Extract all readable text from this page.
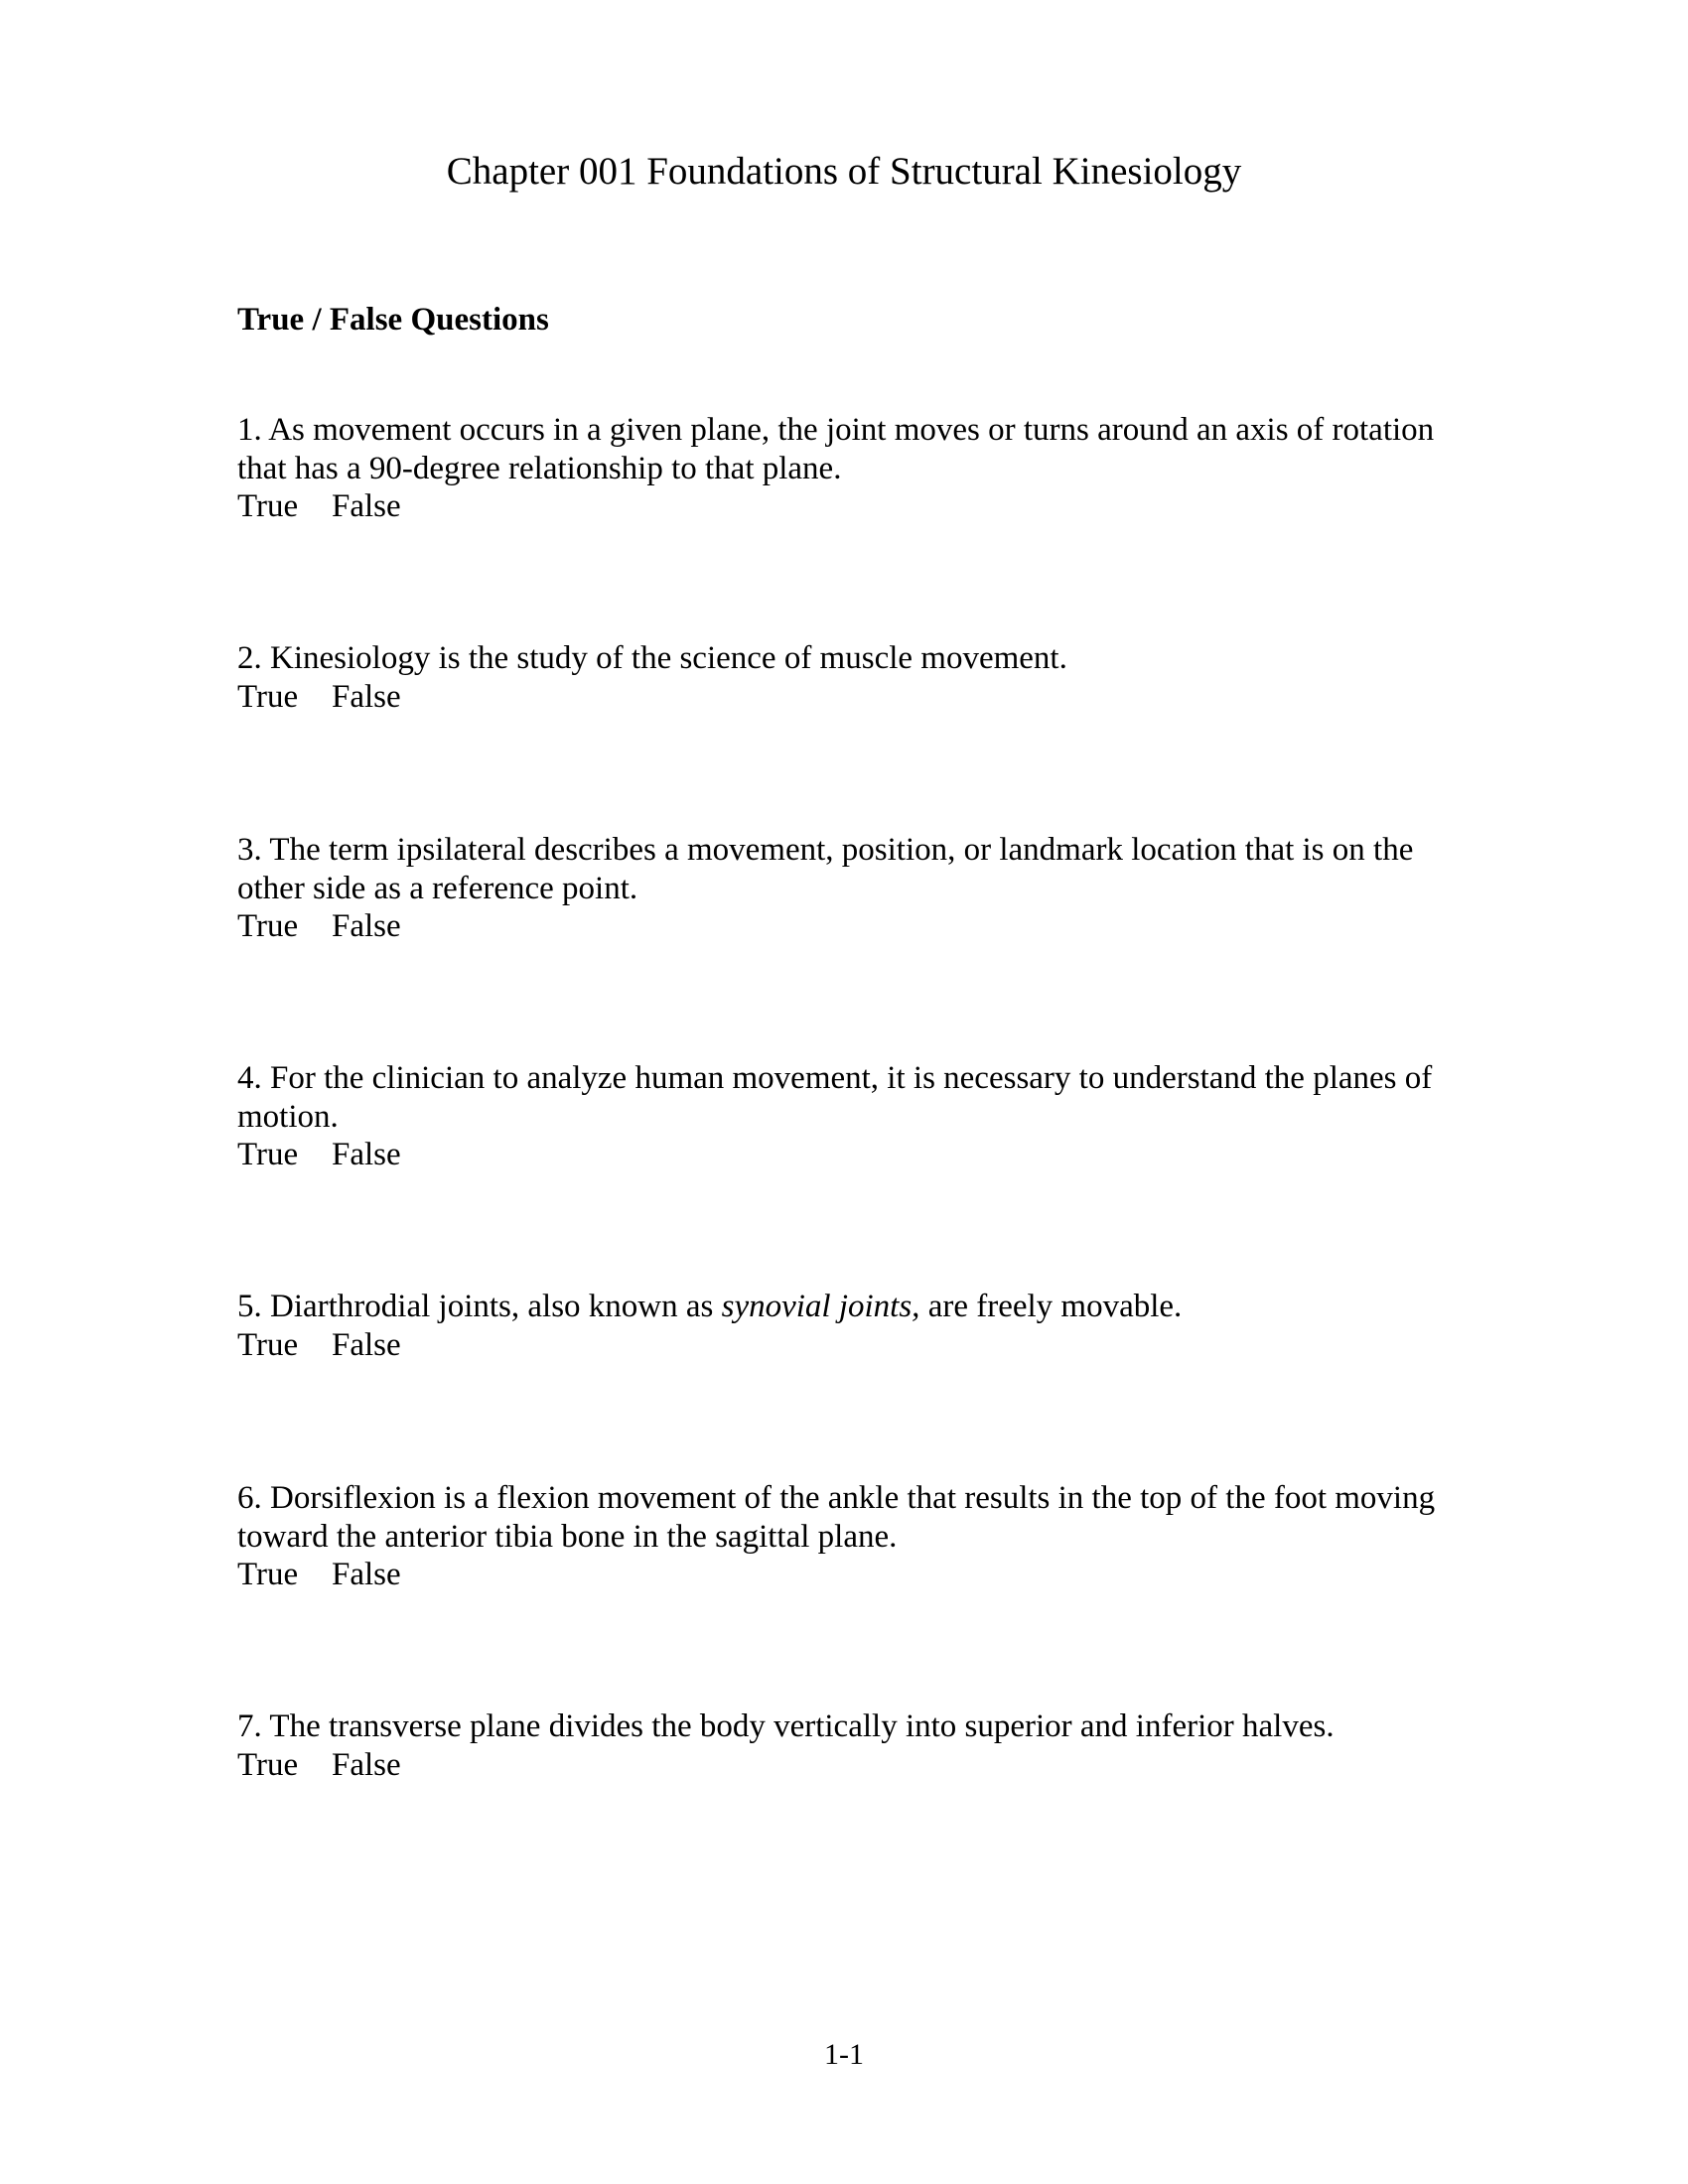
Chapter 001 Foundations of Structural Kinesiology
True / False Questions
1. As movement occurs in a given plane, the joint moves or turns around an axis of rotation that has a 90-degree relationship to that plane.
True False
2. Kinesiology is the study of the science of muscle movement.
True False
3. The term ipsilateral describes a movement, position, or landmark location that is on the other side as a reference point.
True False
4. For the clinician to analyze human movement, it is necessary to understand the planes of motion.
True False
5. Diarthrodial joints, also known as synovial joints, are freely movable.
True False
6. Dorsiflexion is a flexion movement of the ankle that results in the top of the foot moving toward the anterior tibia bone in the sagittal plane.
True False
7. The transverse plane divides the body vertically into superior and inferior halves.
True False
1-1
